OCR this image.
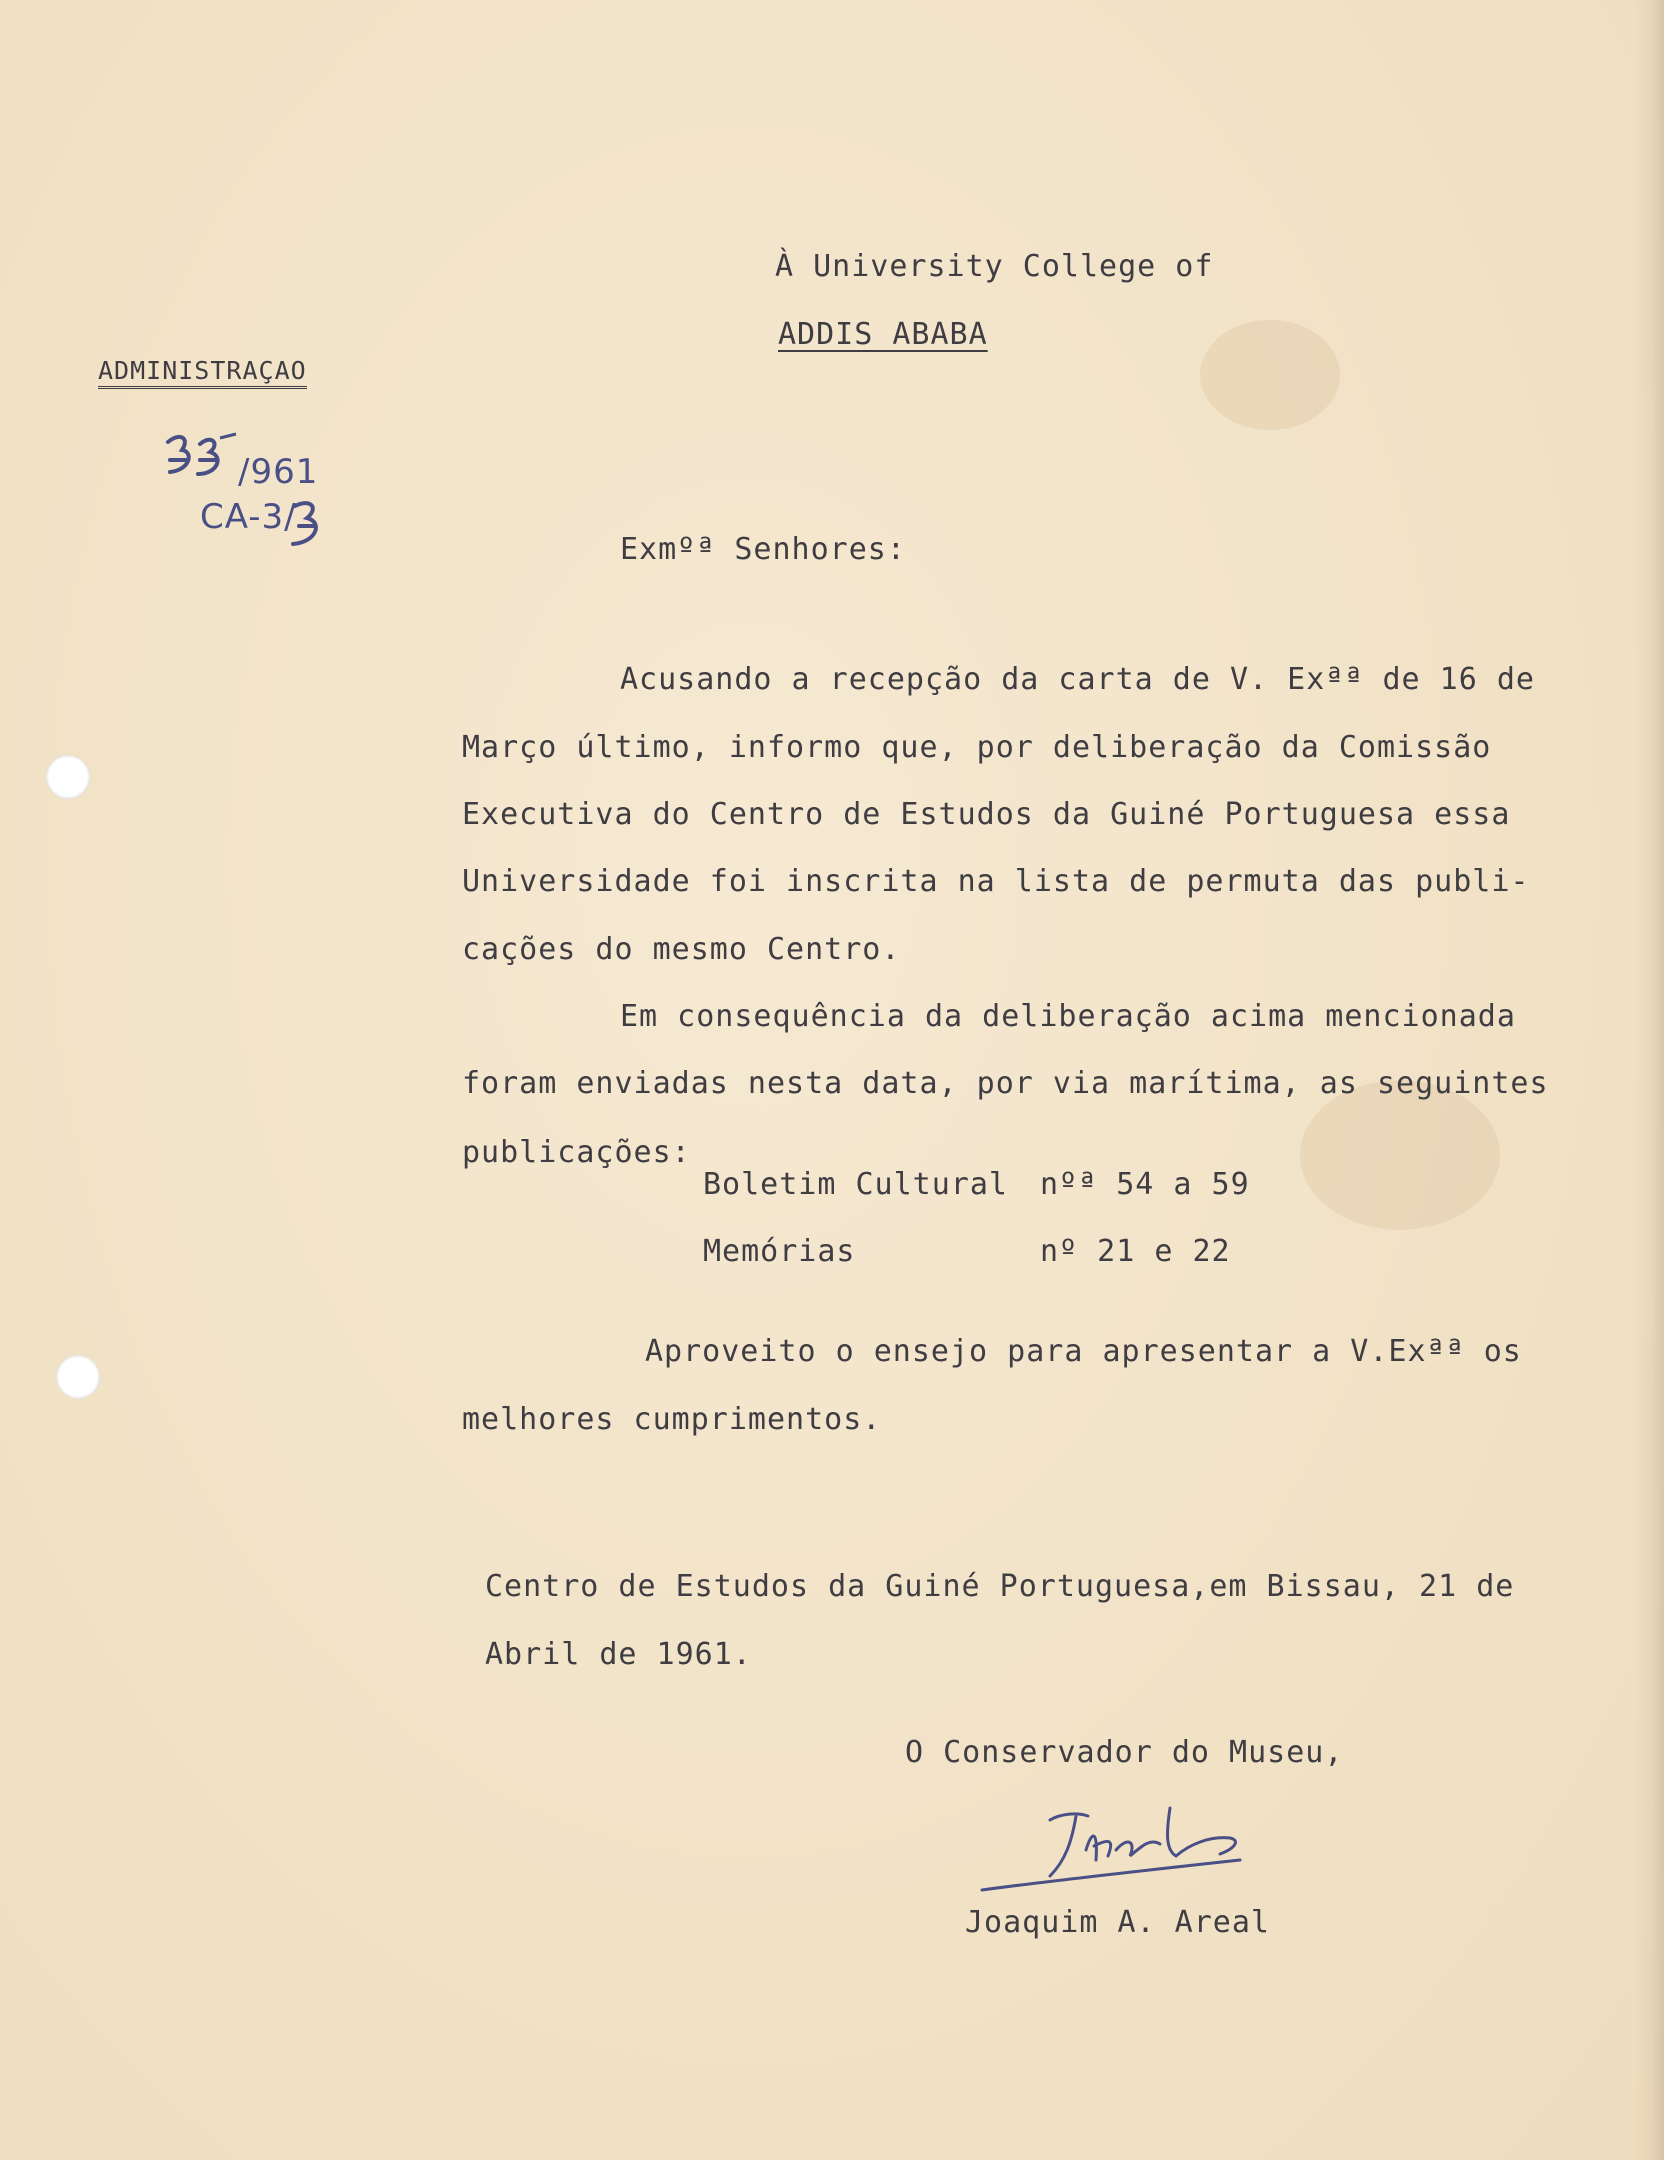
À University College of
ADDIS ABABA
ADMINISTRAÇAO
/961
CA-3/
Exmºª Senhores:
Acusando a recepção da carta de V. Exªª de 16 de
Março último, informo que, por deliberação da Comissão
Executiva do Centro de Estudos da Guiné Portuguesa essa
Universidade foi inscrita na lista de permuta das publi-
cações do mesmo Centro.
Em consequência da deliberação acima mencionada
foram enviadas nesta data, por via marítima, as seguintes
publicações:
Boletim Cultural nºª 54 a 59
Memórias	nº 21 e 22
Aproveito o ensejo para apresentar a V.Exªª os
melhores cumprimentos.
Centro de Estudos da Guiné Portuguesa,em Bissau, 21 de
Abril de 1961.
O Conservador do Museu,
Joaquim A. Areal
